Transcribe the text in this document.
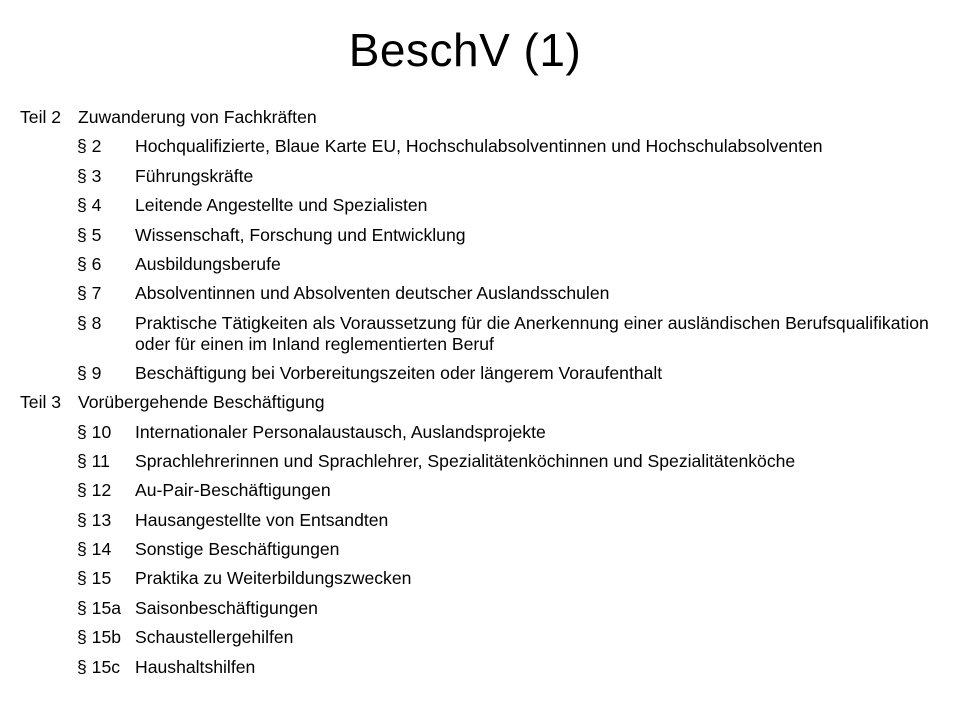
BeschV (1)
Teil 2 Zuwanderung von Fachkräften
§ 2	Hochqualifizierte, Blaue Karte EU, Hochschulabsolventinnen und Hochschulabsolventen
§ 3	Führungskräfte
§ 4	Leitende Angestellte und Spezialisten
§ 5	Wissenschaft, Forschung und Entwicklung
§ 6	Ausbildungsberufe
§ 7	Absolventinnen und Absolventen deutscher Auslandsschulen
§ 8	Praktische Tätigkeiten als Voraussetzung für die Anerkennung einer ausländischen Berufsqualifikation oder für einen im Inland reglementierten Beruf
§ 9	Beschäftigung bei Vorbereitungszeiten oder längerem Voraufenthalt
Teil 3 Vorübergehende Beschäftigung
§ 10	Internationaler Personalaustausch, Auslandsprojekte
§ 11	Sprachlehrerinnen und Sprachlehrer, Spezialitätenköchinnen und Spezialitätenköche
§ 12	Au-Pair-Beschäftigungen
§ 13	Hausangestellte von Entsandten
§ 14	Sonstige Beschäftigungen
§ 15	Praktika zu Weiterbildungszwecken
§ 15a Saisonbeschäftigungen
§ 15b Schaustellergehilfen
§ 15c Haushaltshilfen
